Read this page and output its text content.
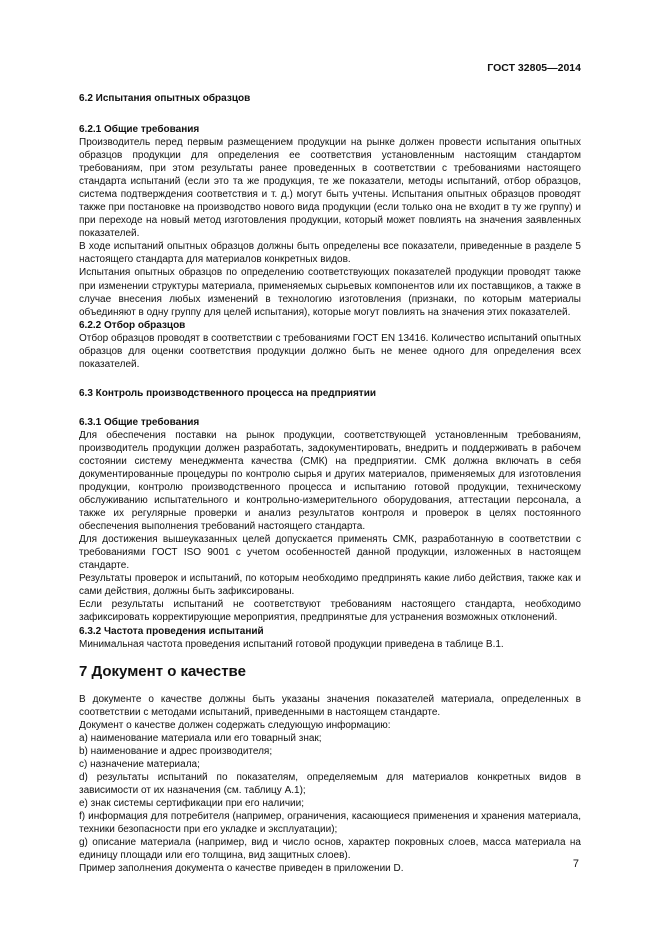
ГОСТ 32805—2014
6.2 Испытания опытных образцов
6.2.1 Общие требования

Производитель перед первым размещением продукции на рынке должен провести испытания опытных образцов продукции для определения ее соответствия установленным настоящим стандартом требованиям, при этом результаты ранее проведенных в соответствии с требованиями настоящего стандарта испытаний (если это та же продукция, те же показатели, методы испытаний, отбор образцов, система подтверждения соответствия и т. д.) могут быть учтены. Испытания опытных образцов проводят также при постановке на производство нового вида продукции (если только она не входит в ту же группу) и при переходе на новый метод изготовления продукции, который может повлиять на значения заявленных показателей.

В ходе испытаний опытных образцов должны быть определены все показатели, приведенные в разделе 5 настоящего стандарта для материалов конкретных видов.

Испытания опытных образцов по определению соответствующих показателей продукции проводят также при изменении структуры материала, применяемых сырьевых компонентов или их поставщиков, а также в случае внесения любых изменений в технологию изготовления (признаки, по которым материалы объединяют в одну группу для целей испытания), которые могут повлиять на значения этих показателей.

6.2.2 Отбор образцов

Отбор образцов проводят в соответствии с требованиями ГОСТ EN 13416. Количество испытаний опытных образцов для оценки соответствия продукции должно быть не менее одного для определения всех показателей.

6.3 Контроль производственного процесса на предприятии
6.3.1 Общие требования

Для обеспечения поставки на рынок продукции, соответствующей установленным требованиям, производитель продукции должен разработать, задокументировать, внедрить и поддерживать в рабочем состоянии систему менеджмента качества (СМК) на предприятии. СМК должна включать в себя документированные процедуры по контролю сырья и других материалов, применяемых для изготовления продукции, контролю производственного процесса и испытанию готовой продукции, техническому обслуживанию испытательного и контрольно-измерительного оборудования, аттестации персонала, а также их регулярные проверки и анализ результатов контроля и проверок в целях постоянного обеспечения выполнения требований настоящего стандарта.

Для достижения вышеуказанных целей допускается применять СМК, разработанную в соответствии с требованиями ГОСТ ISO 9001 с учетом особенностей данной продукции, изложенных в настоящем стандарте.

Результаты проверок и испытаний, по которым необходимо предпринять какие либо действия, также как и сами действия, должны быть зафиксированы.

Если результаты испытаний не соответствуют требованиям настоящего стандарта, необходимо зафиксировать корректирующие мероприятия, предпринятые для устранения возможных отклонений.

6.3.2 Частота проведения испытаний

Минимальная частота проведения испытаний готовой продукции приведена в таблице В.1.

7 Документ о качестве

В документе о качестве должны быть указаны значения показателей материала, определенных в соответствии с методами испытаний, приведенными в настоящем стандарте.

Документ о качестве должен содержать следующую информацию:

а) наименование материала или его товарный знак;

b) наименование и адрес производителя;

c) назначение материала;

d) результаты испытаний по показателям, определяемым для материалов конкретных видов в зависимости от их назначения (см. таблицу А.1);

e) знак системы сертификации при его наличии;

f) информация для потребителя (например, ограничения, касающиеся применения и хранения материала, техники безопасности при его укладке и эксплуатации);

g) описание материала (например, вид и число основ, характер покровных слоев, масса материала на единицу площади или его толщина, вид защитных слоев).

Пример заполнения документа о качестве приведен в приложении D.	7
